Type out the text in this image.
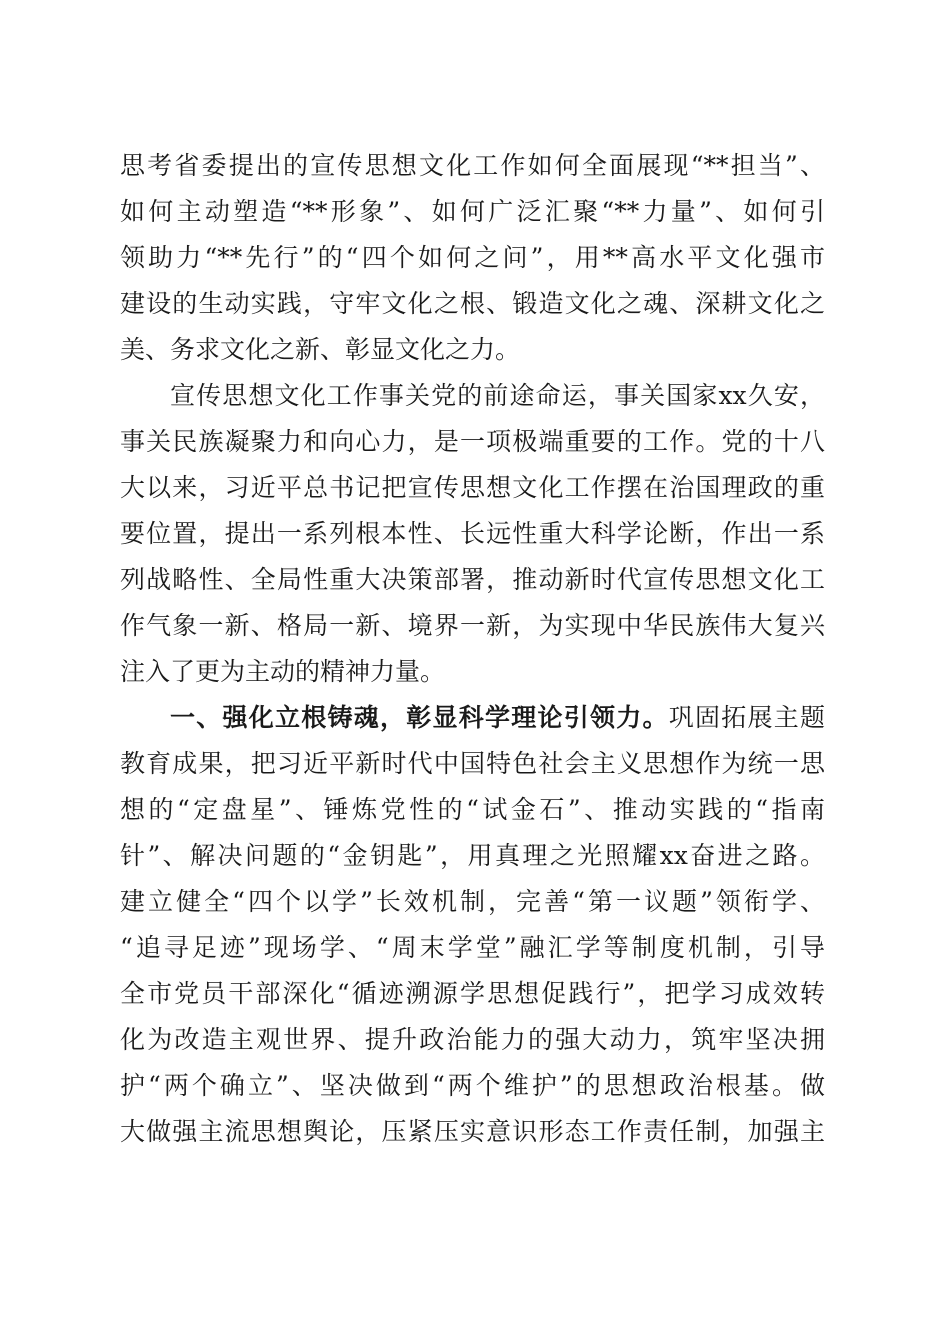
思考省委提出的宣传思想文化工作如何全面展现“**担当”、
如何主动塑造“**形象”、如何广泛汇聚“**力量”、如何引
领助力“**先行”的“四个如何之问”，用**高水平文化强市
建设的生动实践，守牢文化之根、锻造文化之魂、深耕文化之
美、务求文化之新、彰显文化之力。
宣传思想文化工作事关党的前途命运，事关国家xx久安，
事关民族凝聚力和向心力，是一项极端重要的工作。党的十八
大以来，习近平总书记把宣传思想文化工作摆在治国理政的重
要位置，提出一系列根本性、长远性重大科学论断，作出一系
列战略性、全局性重大决策部署，推动新时代宣传思想文化工
作气象一新、格局一新、境界一新，为实现中华民族伟大复兴
注入了更为主动的精神力量。
一、强化立根铸魂，彰显科学理论引领力。巩固拓展主题
教育成果，把习近平新时代中国特色社会主义思想作为统一思
想的“定盘星”、锤炼党性的“试金石”、推动实践的“指南
针”、解决问题的“金钥匙”，用真理之光照耀xx奋进之路。
建立健全“四个以学”长效机制，完善“第一议题”领衔学、
“追寻足迹”现场学、“周末学堂”融汇学等制度机制，引导
全市党员干部深化“循迹溯源学思想促践行”，把学习成效转
化为改造主观世界、提升政治能力的强大动力，筑牢坚决拥
护“两个确立”、坚决做到“两个维护”的思想政治根基。做
大做强主流思想舆论，压紧压实意识形态工作责任制，加强主
